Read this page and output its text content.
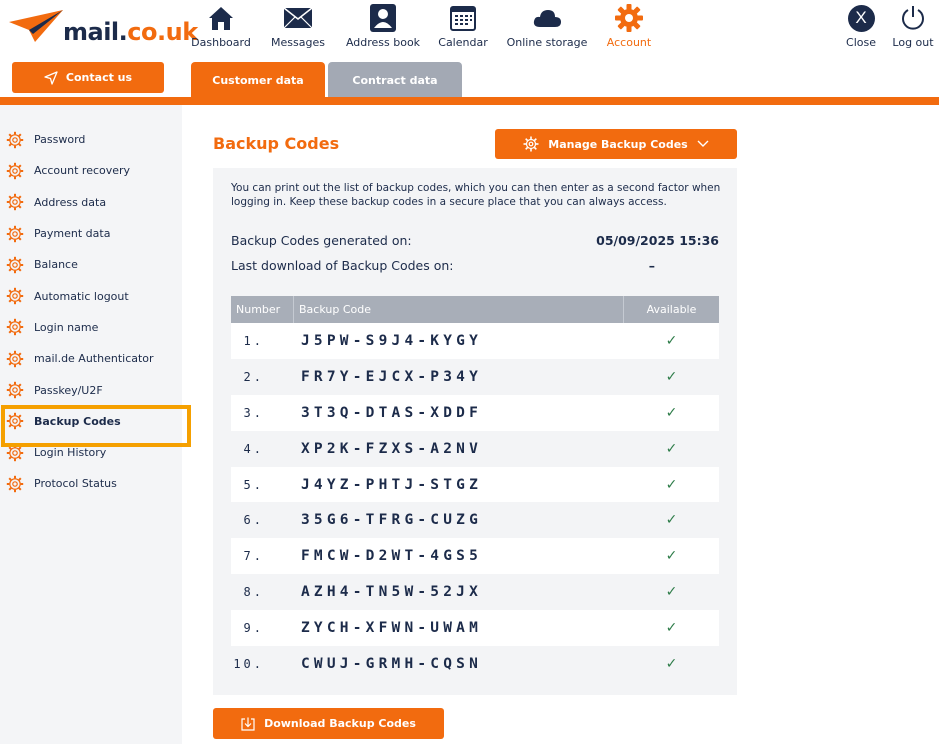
mail.co.uk
Contact us
Dashboard Messages Address book Calendar Online storage Account
X
Close Log out
Customer data	Contract data
Password
Account recovery
Address data
Payment data
Balance
Automatic logout
Login name
mail.de Authenticator
Passkey/U2F
Backup Codes
Login History
Protocol Status
Backup Codes	Manage Backup Codes
You can print out the list of backup codes, which you can then enter as a second factor when logging in. Keep these backup codes in a secure place that you can always access.
Backup Codes generated on:	05/09/2025 15:36
Last download of Backup Codes on:	–
Number	Backup Code	Available
1.	J5PW-S9J4-KYGY	✓
2.	FR7Y-EJCX-P34Y	✓
3.	3T3Q-DTAS-XDDF	✓
4.	XP2K-FZXS-A2NV	✓
5.	J4YZ-PHTJ-STGZ	✓
6.	35G6-TFRG-CUZG	✓
7.	FMCW-D2WT-4GS5	✓
8.	AZH4-TN5W-52JX	✓
9.	ZYCH-XFWN-UWAM	✓
10.	CWUJ-GRMH-CQSN	✓
Download Backup Codes
